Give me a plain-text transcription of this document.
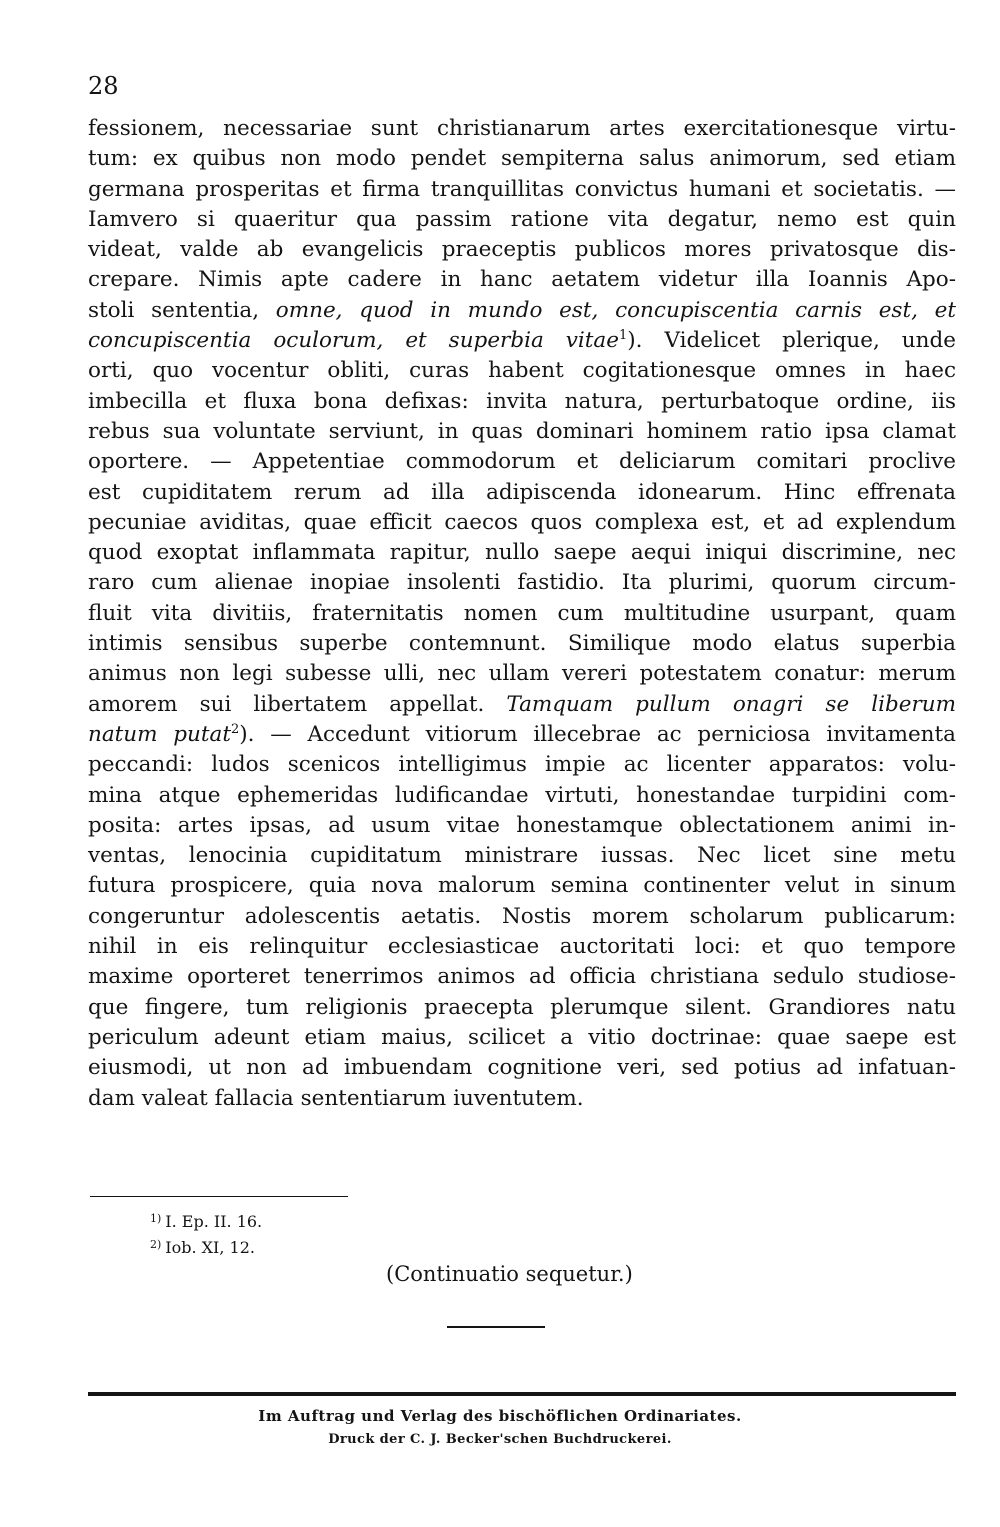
28
fessionem, necessariae sunt christianarum artes exercitationesque virtu-
tum: ex quibus non modo pendet sempiterna salus animorum, sed etiam
germana prosperitas et firma tranquillitas convictus humani et societatis. —
Iamvero si quaeritur qua passim ratione vita degatur, nemo est quin
videat, valde ab evangelicis praeceptis publicos mores privatosque dis-
crepare. Nimis apte cadere in hanc aetatem videtur illa Ioannis Apo-
stoli sententia, omne, quod in mundo est, concupiscentia carnis est, et
concupiscentia oculorum, et superbia vitae$^1$). Videlicet plerique, unde
orti, quo vocentur obliti, curas habent cogitationesque omnes in haec
imbecilla et fluxa bona defixas: invita natura, perturbatoque ordine, iis
rebus sua voluntate serviunt, in quas dominari hominem ratio ipsa clamat
oportere. — Appetentiae commodorum et deliciarum comitari proclive
est cupiditatem rerum ad illa adipiscenda idonearum. Hinc effrenata
pecuniae aviditas, quae efficit caecos quos complexa est, et ad explendum
quod exoptat inflammata rapitur, nullo saepe aequi iniqui discrimine, nec
raro cum alienae inopiae insolenti fastidio. Ita plurimi, quorum circum-
fluit vita divitiis, fraternitatis nomen cum multitudine usurpant, quam
intimis sensibus superbe contemnunt. Similique modo elatus superbia
animus non legi subesse ulli, nec ullam vereri potestatem conatur: merum
amorem sui libertatem appellat. Tamquam pullum onagri se liberum
natum putat$^2$). — Accedunt vitiorum illecebrae ac perniciosa invitamenta
peccandi: ludos scenicos intelligimus impie ac licenter apparatos: volu-
mina atque ephemeridas ludificandae virtuti, honestandae turpidini com-
posita: artes ipsas, ad usum vitae honestamque oblectationem animi in-
ventas, lenocinia cupiditatum ministrare iussas. Nec licet sine metu
futura prospicere, quia nova malorum semina continenter velut in sinum
congeruntur adolescentis aetatis. Nostis morem scholarum publicarum:
nihil in eis relinquitur ecclesiasticae auctoritati loci: et quo tempore
maxime oporteret tenerrimos animos ad officia christiana sedulo studiose-
que fingere, tum religionis praecepta plerumque silent. Grandiores natu
periculum adeunt etiam maius, scilicet a vitio doctrinae: quae saepe est
eiusmodi, ut non ad imbuendam cognitione veri, sed potius ad infatuan-
dam valeat fallacia sententiarum iuventutem.
$^{1)}$ I. Ep. II. 16.
$^{2)}$ Iob. XI, 12.
(Continuatio sequetur.)
Im Auftrag und Verlag des bischöflichen Ordinariates.
Druck der C. J. Becker'schen Buchdruckerei.
